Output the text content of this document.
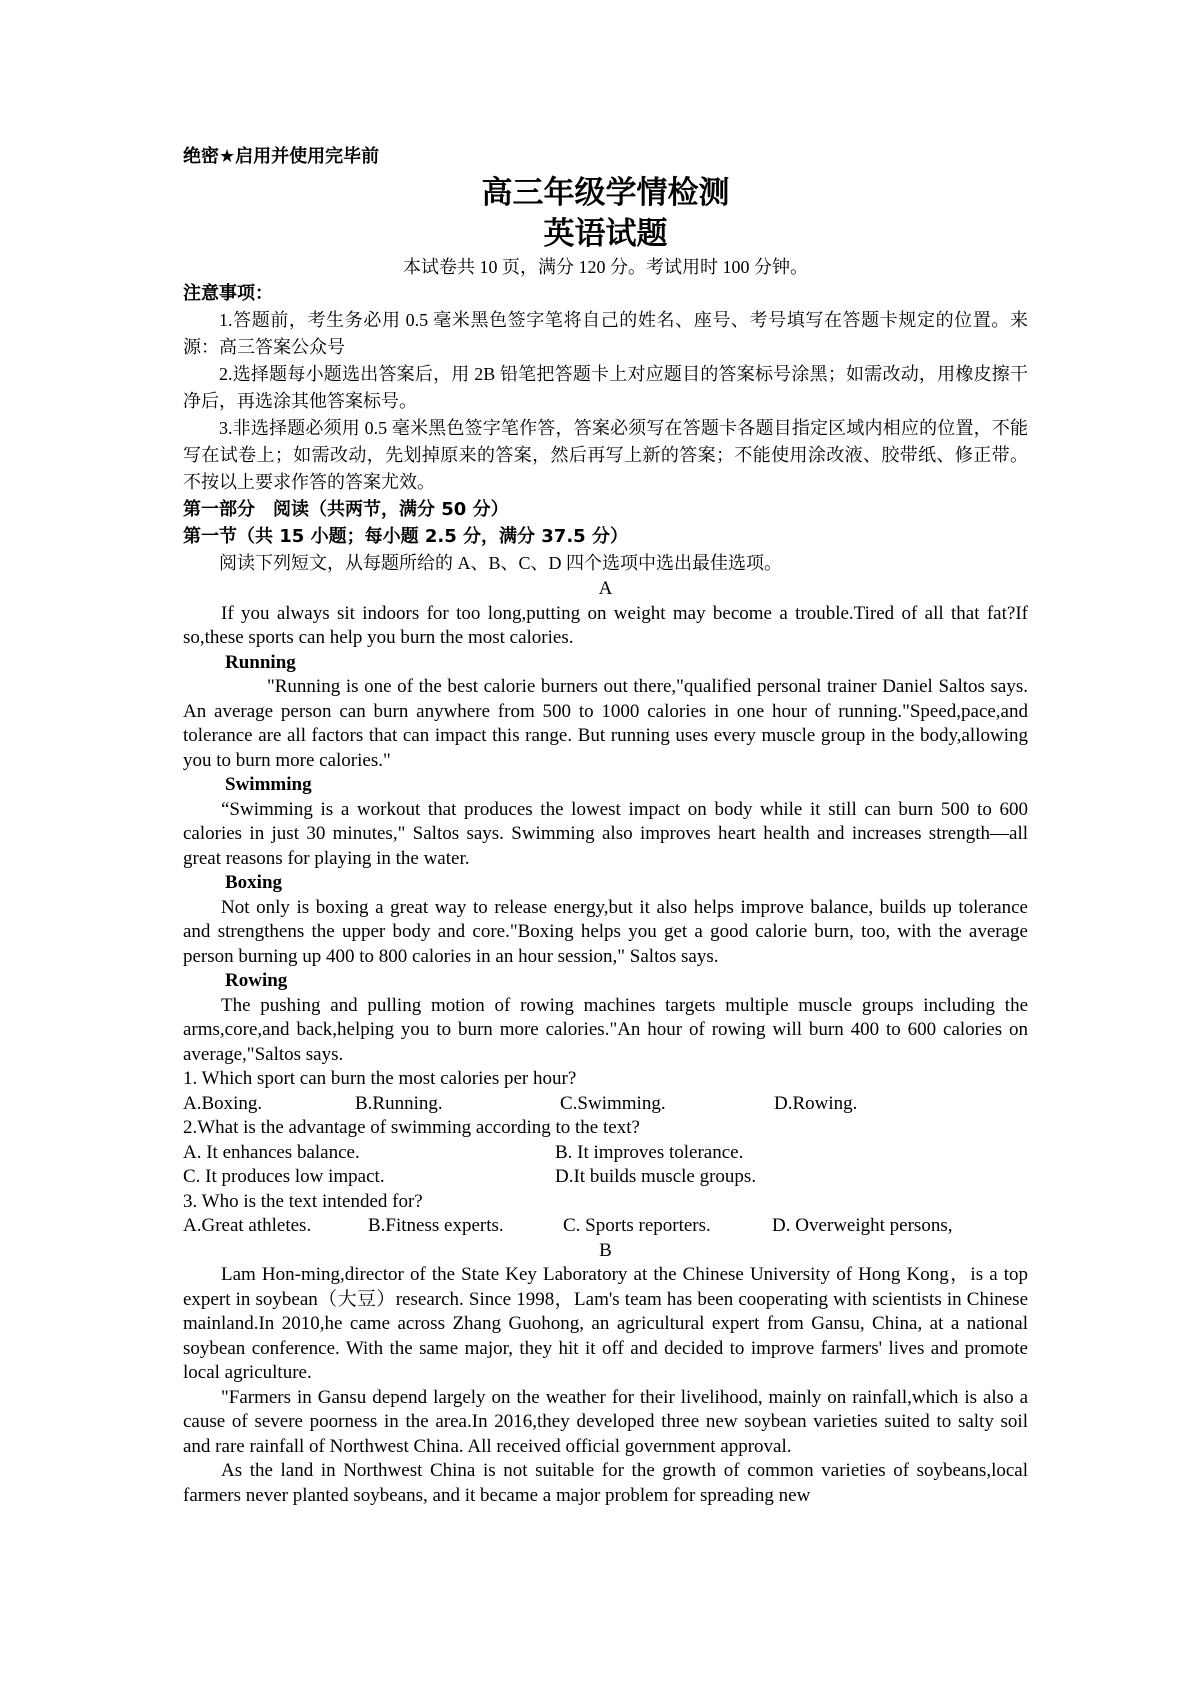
绝密★启用并使用完毕前
高三年级学情检测
英语试题
本试卷共 10 页，满分 120 分。考试用时 100 分钟。
注意事项：

1.答题前，考生务必用 0.5 毫米黑色签字笔将自己的姓名、座号、考号填写在答题卡规定的位置。来源：高三答案公众号

2.选择题每小题选出答案后，用 2B 铅笔把答题卡上对应题目的答案标号涂黑；如需改动，用橡皮擦干净后，再选涂其他答案标号。

3.非选择题必须用 0.5 毫米黑色签字笔作答，答案必须写在答题卡各题目指定区域内相应的位置，不能写在试卷上；如需改动，先划掉原来的答案，然后再写上新的答案；不能使用涂改液、胶带纸、修正带。不按以上要求作答的答案尤效。

第一部分　阅读（共两节，满分 50 分）
第一节（共 15 小题；每小题 2.5 分，满分 37.5 分）

阅读下列短文，从每题所给的 A、B、C、D 四个选项中选出最佳选项。

A

If you always sit indoors for too long,putting on weight may become a trouble.Tired of all that fat?If so,these sports can help you burn the most calories.

Running

"Running is one of the best calorie burners out there,"qualified personal trainer Daniel Saltos says. An average person can burn anywhere from 500 to 1000 calories in one hour of running."Speed,pace,and tolerance are all factors that can impact this range. But running uses every muscle group in the body,allowing you to burn more calories."

Swimming

“Swimming is a workout that produces the lowest impact on body while it still can burn 500 to 600 calories in just 30 minutes," Saltos says. Swimming also improves heart health and increases strength—all great reasons for playing in the water.

Boxing

Not only is boxing a great way to release energy,but it also helps improve balance, builds up tolerance and strengthens the upper body and core."Boxing helps you get a good calorie burn, too, with the average person burning up 400 to 800 calories in an hour session," Saltos says.

Rowing

The pushing and pulling motion of rowing machines targets multiple muscle groups including the arms,core,and back,helping you to burn more calories."An hour of rowing will burn 400 to 600 calories on average,"Saltos says.

1. Which sport can burn the most calories per hour?
A.Boxing.	B.Running.	C.Swimming.	D.Rowing.
2.What is the advantage of swimming according to the text?
A. It enhances balance.	B. It improves tolerance.
C. It produces low impact.	D.It builds muscle groups.
3. Who is the text intended for?
A.Great athletes.	B.Fitness experts.	C. Sports reporters.	D. Overweight persons,
B

Lam Hon-ming,director of the State Key Laboratory at the Chinese University of Hong Kong，is a top expert in soybean（大豆）research. Since 1998，Lam's team has been cooperating with scientists in Chinese mainland.In 2010,he came across Zhang Guohong, an agricultural expert from Gansu, China, at a national soybean conference. With the same major, they hit it off and decided to improve farmers' lives and promote local agriculture.

"Farmers in Gansu depend largely on the weather for their livelihood, mainly on rainfall,which is also a cause of severe poorness in the area.In 2016,they developed three new soybean varieties suited to salty soil and rare rainfall of Northwest China. All received official government approval.

As the land in Northwest China is not suitable for the growth of common varieties of soybeans,local farmers never planted soybeans, and it became a major problem for spreading new
